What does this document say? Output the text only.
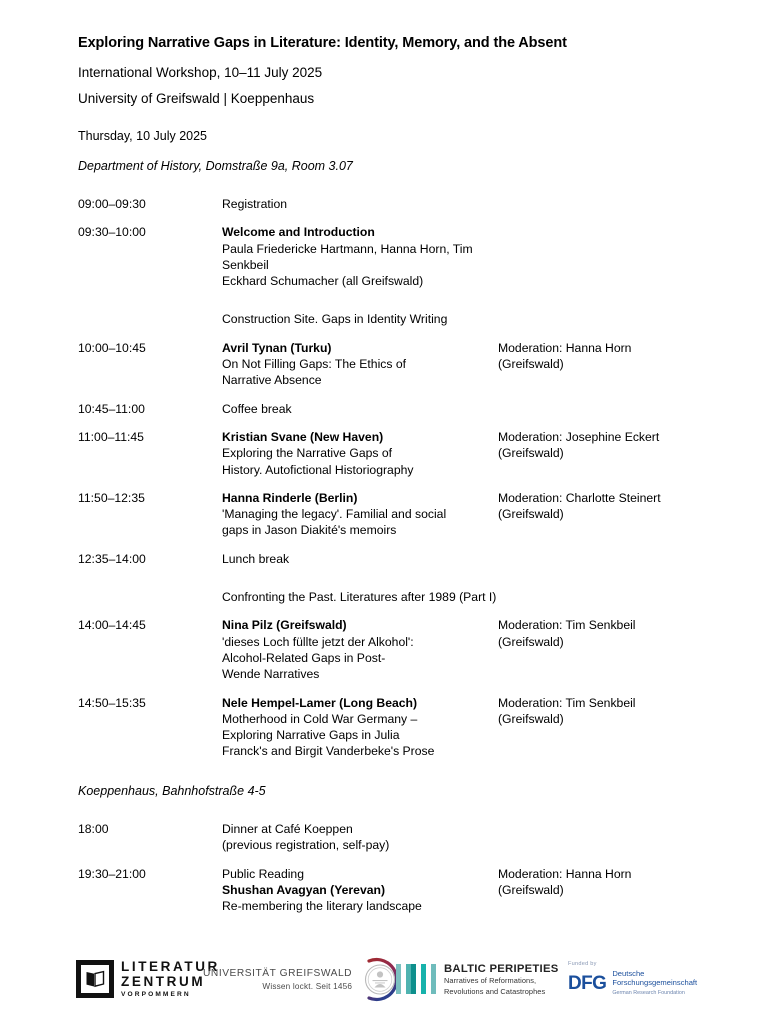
Exploring Narrative Gaps in Literature: Identity, Memory, and the Absent
International Workshop, 10–11 July 2025
University of Greifswald | Koeppenhaus
Thursday, 10 July 2025
Department of History, Domstraße 9a, Room 3.07
09:00–09:30	Registration
09:30–10:00	Welcome and Introduction
Paula Friedericke Hartmann, Hanna Horn, Tim Senkbeil
Eckhard Schumacher (all Greifswald)
Construction Site. Gaps in Identity Writing
10:00–10:45	Avril Tynan (Turku)
On Not Filling Gaps: The Ethics of
Narrative Absence
Moderation: Hanna Horn
(Greifswald)
10:45–11:00	Coffee break
11:00–11:45	Kristian Svane (New Haven)
Exploring the Narrative Gaps of
History. Autofictional Historiography
Moderation: Josephine Eckert
(Greifswald)
11:50–12:35	Hanna Rinderle (Berlin)
'Managing the legacy'. Familial and social
gaps in Jason Diakité's memoirs
Moderation: Charlotte Steinert
(Greifswald)
12:35–14:00	Lunch break
Confronting the Past. Literatures after 1989 (Part I)
14:00–14:45	Nina Pilz (Greifswald)
'dieses Loch füllte jetzt der Alkohol':
Alcohol-Related Gaps in Post-
Wende Narratives
Moderation: Tim Senkbeil
(Greifswald)
14:50–15:35	Nele Hempel-Lamer (Long Beach)
Motherhood in Cold War Germany –
Exploring Narrative Gaps in Julia
Franck's and Birgit Vanderbeke's Prose
Moderation: Tim Senkbeil
(Greifswald)
Koeppenhaus, Bahnhofstraße 4-5
18:00	Dinner at Café Koeppen
(previous registration, self-pay)
19:30–21:00	Public Reading
Shushan Avagyan (Yerevan)
Re-membering the literary landscape
Moderation: Hanna Horn
(Greifswald)
LITERATUR
ZENTRUM
VORPOMMERN
UNIVERSITÄT GREIFSWALD
Wissen lockt. Seit 1456
BALTIC PERIPETIES
Narratives of Reformations,
Revolutions and Catastrophes
Funded by
DFG Deutsche
Forschungsgemeinschaft
German Research Foundation
